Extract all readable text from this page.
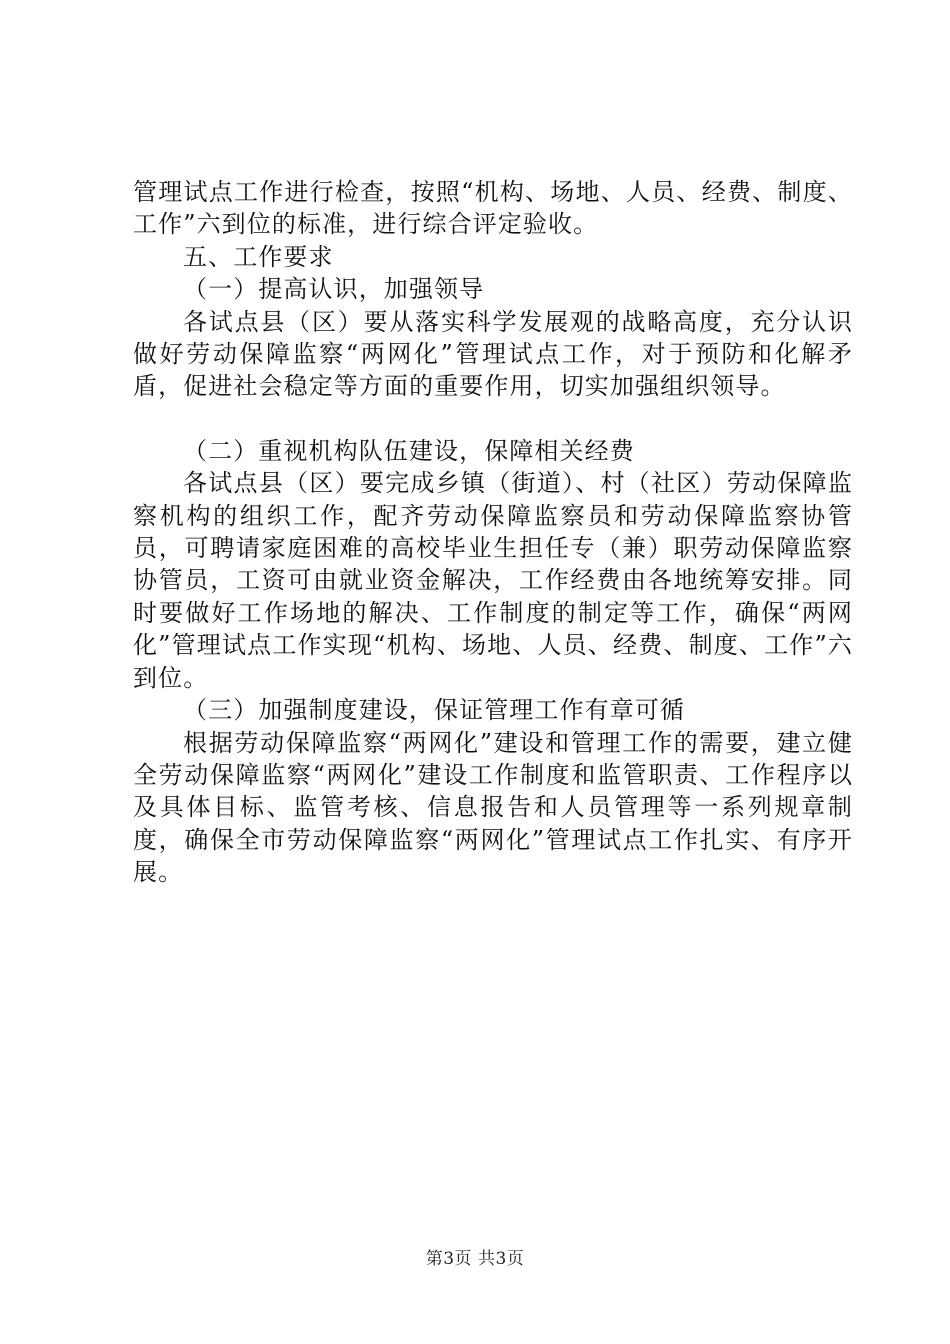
管理试点工作进行检查，按照“机构、场地、人员、经费、制度、工作”六到位的标准，进行综合评定验收。

五、工作要求

（一）提高认识，加强领导

各试点县（区）要从落实科学发展观的战略高度，充分认识做好劳动保障监察“两网化”管理试点工作，对于预防和化解矛盾，促进社会稳定等方面的重要作用，切实加强组织领导。

（二）重视机构队伍建设，保障相关经费

各试点县（区）要完成乡镇（街道）、村（社区）劳动保障监察机构的组织工作，配齐劳动保障监察员和劳动保障监察协管员，可聘请家庭困难的高校毕业生担任专（兼）职劳动保障监察协管员，工资可由就业资金解决，工作经费由各地统筹安排。同时要做好工作场地的解决、工作制度的制定等工作，确保“两网化”管理试点工作实现“机构、场地、人员、经费、制度、工作”六到位。

（三）加强制度建设，保证管理工作有章可循

根据劳动保障监察“两网化”建设和管理工作的需要，建立健全劳动保障监察“两网化”建设工作制度和监管职责、工作程序以及具体目标、监管考核、信息报告和人员管理等一系列规章制度，确保全市劳动保障监察“两网化”管理试点工作扎实、有序开展。

第3页 共3页
